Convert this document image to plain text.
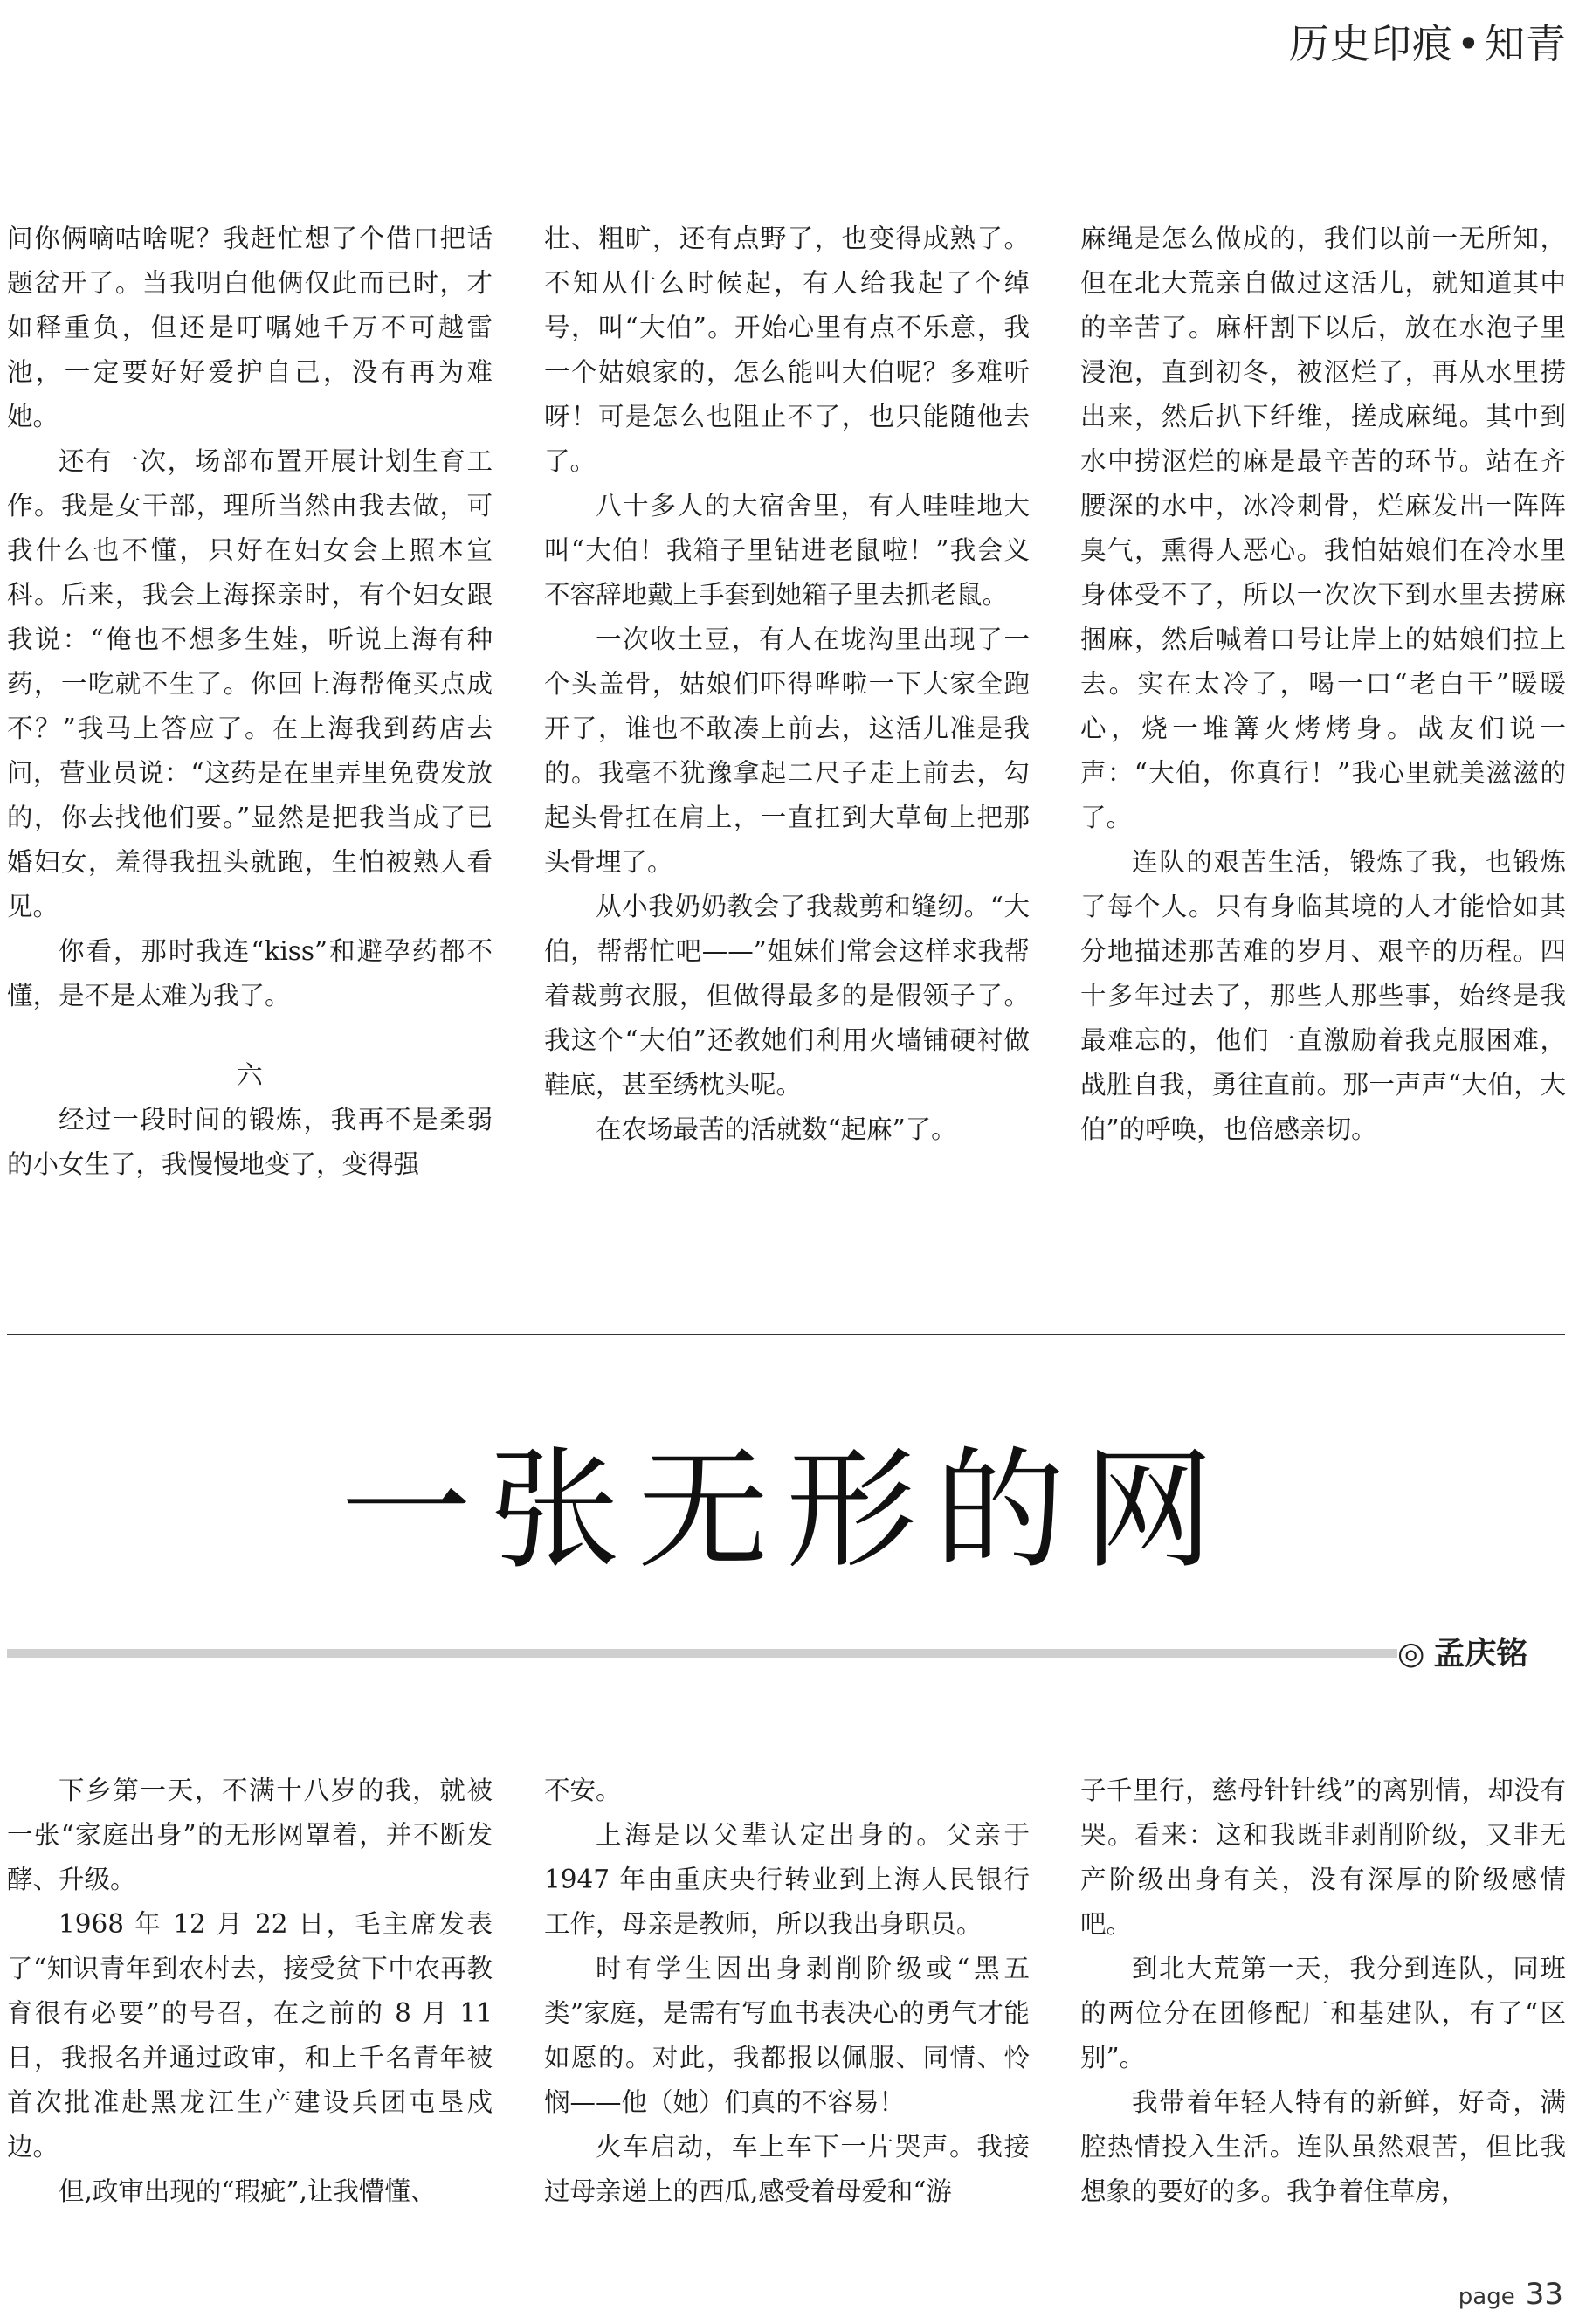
历史印痕•知青

问你俩嘀咕啥呢？我赶忙想了个借口把话题岔开了。当我明白他俩仅此而已时，才如释重负，但还是叮嘱她千万不可越雷池，一定要好好爱护自己，没有再为难她。

还有一次，场部布置开展计划生育工作。我是女干部，理所当然由我去做，可我什么也不懂，只好在妇女会上照本宣科。后来，我会上海探亲时，有个妇女跟我说：“俺也不想多生娃，听说上海有种药，一吃就不生了。你回上海帮俺买点成不？”我马上答应了。在上海我到药店去问，营业员说：“这药是在里弄里免费发放的，你去找他们要。”显然是把我当成了已婚妇女，羞得我扭头就跑，生怕被熟人看见。

你看，那时我连“kiss”和避孕药都不懂，是不是太难为我了。

六

经过一段时间的锻炼，我再不是柔弱的小女生了，我慢慢地变了，变得强

壮、粗旷，还有点野了，也变得成熟了。不知从什么时候起，有人给我起了个绰号，叫“大伯”。开始心里有点不乐意，我一个姑娘家的，怎么能叫大伯呢？多难听呀！可是怎么也阻止不了，也只能随他去了。

八十多人的大宿舍里，有人哇哇地大叫“大伯！我箱子里钻进老鼠啦！”我会义不容辞地戴上手套到她箱子里去抓老鼠。

一次收土豆，有人在垅沟里出现了一个头盖骨，姑娘们吓得哗啦一下大家全跑开了，谁也不敢凑上前去，这活儿准是我的。我毫不犹豫拿起二尺子走上前去，勾起头骨扛在肩上，一直扛到大草甸上把那头骨埋了。

从小我奶奶教会了我裁剪和缝纫。“大伯，帮帮忙吧——”姐妹们常会这样求我帮着裁剪衣服，但做得最多的是假领子了。我这个“大伯”还教她们利用火墙铺硬衬做鞋底，甚至绣枕头呢。

在农场最苦的活就数“起麻”了。

麻绳是怎么做成的，我们以前一无所知，但在北大荒亲自做过这活儿，就知道其中的辛苦了。麻杆割下以后，放在水泡子里浸泡，直到初冬，被沤烂了，再从水里捞出来，然后扒下纤维，搓成麻绳。其中到水中捞沤烂的麻是最辛苦的环节。站在齐腰深的水中，冰冷刺骨，烂麻发出一阵阵臭气，熏得人恶心。我怕姑娘们在冷水里身体受不了，所以一次次下到水里去捞麻捆麻，然后喊着口号让岸上的姑娘们拉上去。实在太冷了，喝一口“老白干”暖暖心，烧一堆篝火烤烤身。战友们说一声：“大伯，你真行！”我心里就美滋滋的了。

连队的艰苦生活，锻炼了我，也锻炼了每个人。只有身临其境的人才能恰如其分地描述那苦难的岁月、艰辛的历程。四十多年过去了，那些人那些事，始终是我最难忘的，他们一直激励着我克服困难，战胜自我，勇往直前。那一声声“大伯，大伯”的呼唤，也倍感亲切。

一张无形的网
◎ 孟庆铭

下乡第一天，不满十八岁的我，就被一张“家庭出身”的无形网罩着，并不断发酵、升级。

1968 年 12 月 22 日，毛主席发表了“知识青年到农村去，接受贫下中农再教育很有必要”的号召，在之前的 8 月 11 日，我报名并通过政审，和上千名青年被首次批准赴黑龙江生产建设兵团屯垦戍边。

但,政审出现的“瑕疵”,让我懵懂、

不安。

上海是以父辈认定出身的。父亲于 1947 年由重庆央行转业到上海人民银行工作，母亲是教师，所以我出身职员。

时有学生因出身剥削阶级或“黑五类”家庭，是需有写血书表决心的勇气才能如愿的。对此，我都报以佩服、同情、怜悯——他（她）们真的不容易！

火车启动，车上车下一片哭声。我接过母亲递上的西瓜,感受着母爱和“游

子千里行，慈母针针线”的离别情，却没有哭。看来：这和我既非剥削阶级，又非无产阶级出身有关，没有深厚的阶级感情吧。

到北大荒第一天，我分到连队，同班的两位分在团修配厂和基建队，有了“区别”。

我带着年轻人特有的新鲜，好奇，满腔热情投入生活。连队虽然艰苦，但比我想象的要好的多。我争着住草房，

page 33
